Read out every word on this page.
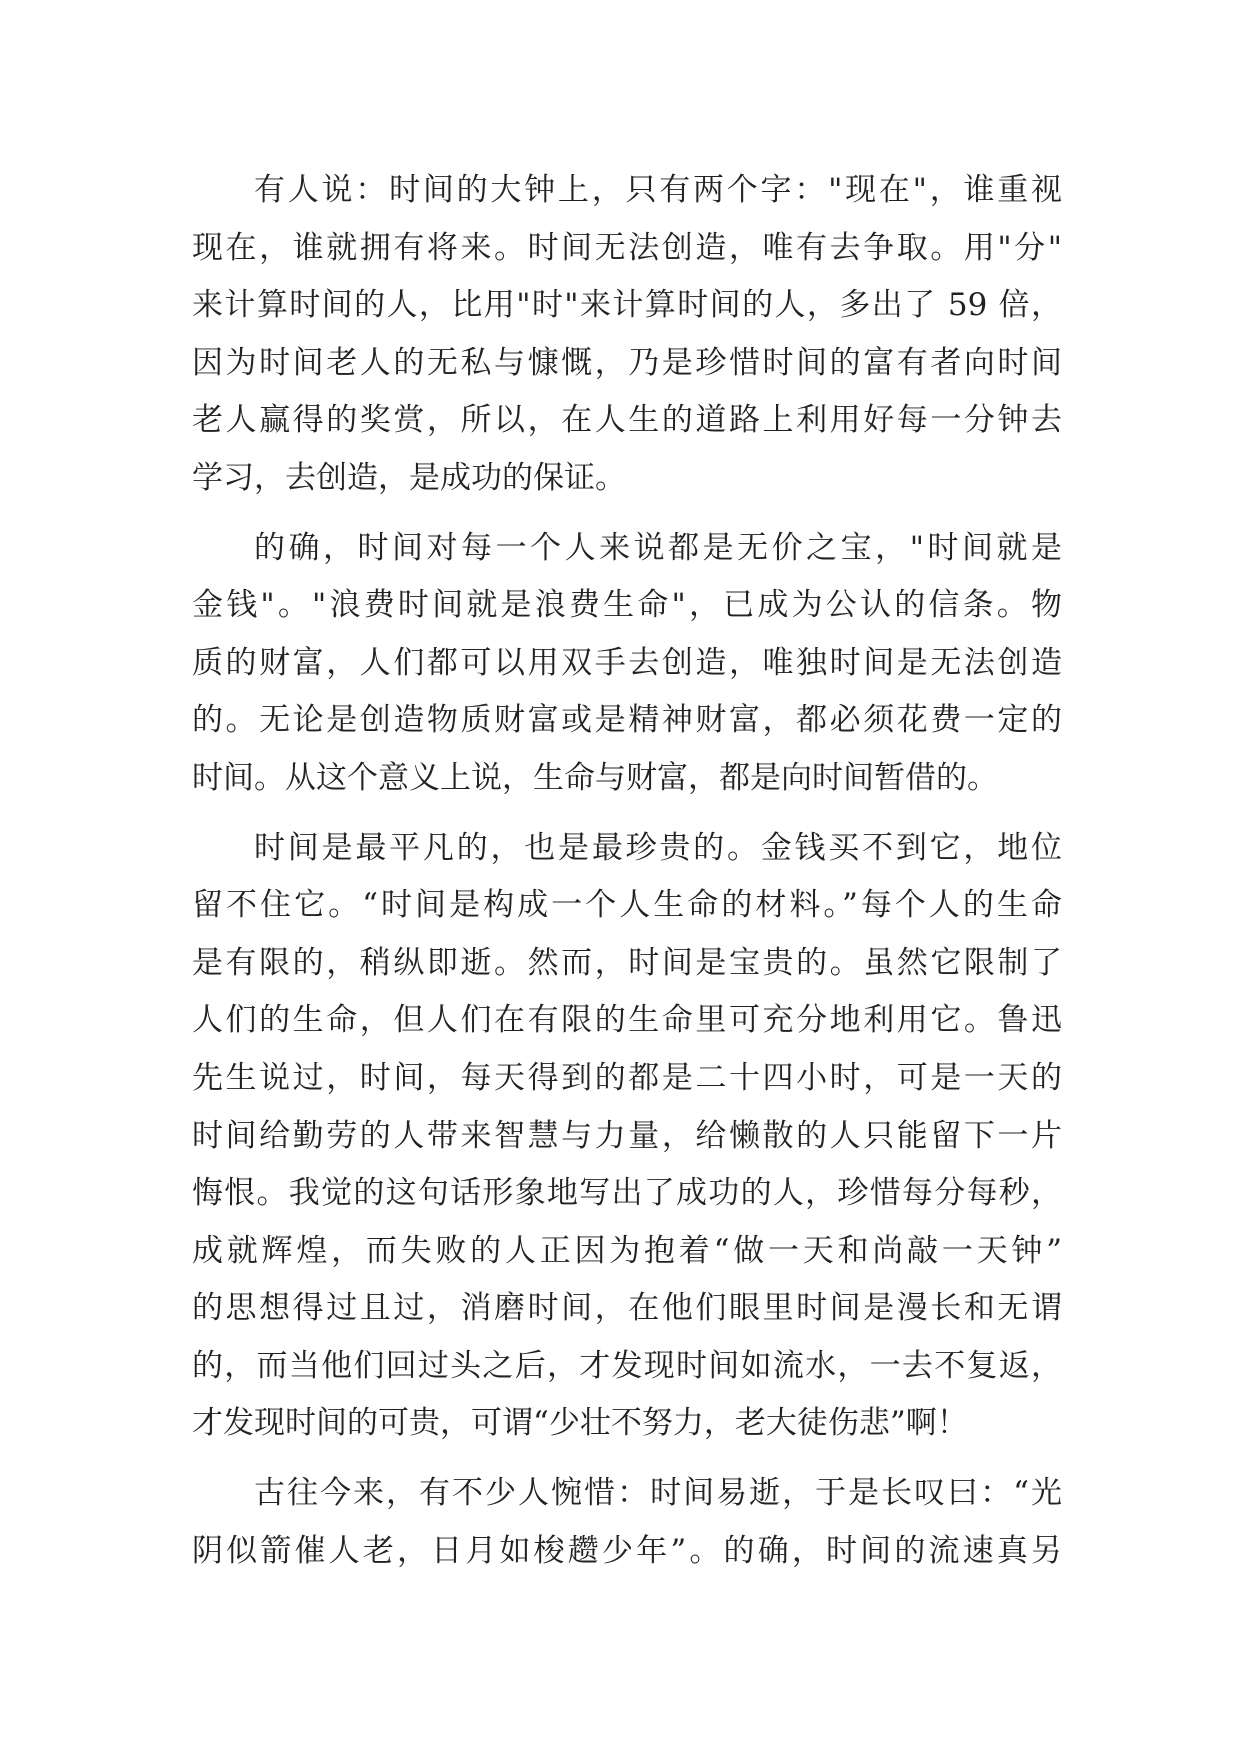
有人说：时间的大钟上，只有两个字："现在"，谁重视
现在，谁就拥有将来。时间无法创造，唯有去争取。用"分"
来计算时间的人，比用"时"来计算时间的人，多出了 59 倍，
因为时间老人的无私与慷慨，乃是珍惜时间的富有者向时间
老人赢得的奖赏，所以，在人生的道路上利用好每一分钟去
学习，去创造，是成功的保证。
的确，时间对每一个人来说都是无价之宝，"时间就是
金钱"。"浪费时间就是浪费生命"，已成为公认的信条。物
质的财富，人们都可以用双手去创造，唯独时间是无法创造
的。无论是创造物质财富或是精神财富，都必须花费一定的
时间。从这个意义上说，生命与财富，都是向时间暂借的。
时间是最平凡的，也是最珍贵的。金钱买不到它，地位
留不住它。“时间是构成一个人生命的材料。”每个人的生命
是有限的，稍纵即逝。然而，时间是宝贵的。虽然它限制了
人们的生命，但人们在有限的生命里可充分地利用它。鲁迅
先生说过，时间，每天得到的都是二十四小时，可是一天的
时间给勤劳的人带来智慧与力量，给懒散的人只能留下一片
悔恨。我觉的这句话形象地写出了成功的人，珍惜每分每秒，
成就辉煌，而失败的人正因为抱着“做一天和尚敲一天钟”
的思想得过且过，消磨时间，在他们眼里时间是漫长和无谓
的，而当他们回过头之后，才发现时间如流水，一去不复返，
才发现时间的可贵，可谓“少壮不努力，老大徒伤悲”啊！
古往今来，有不少人惋惜：时间易逝，于是长叹曰：“光
阴似箭催人老，日月如梭趱少年”。的确，时间的流速真另
